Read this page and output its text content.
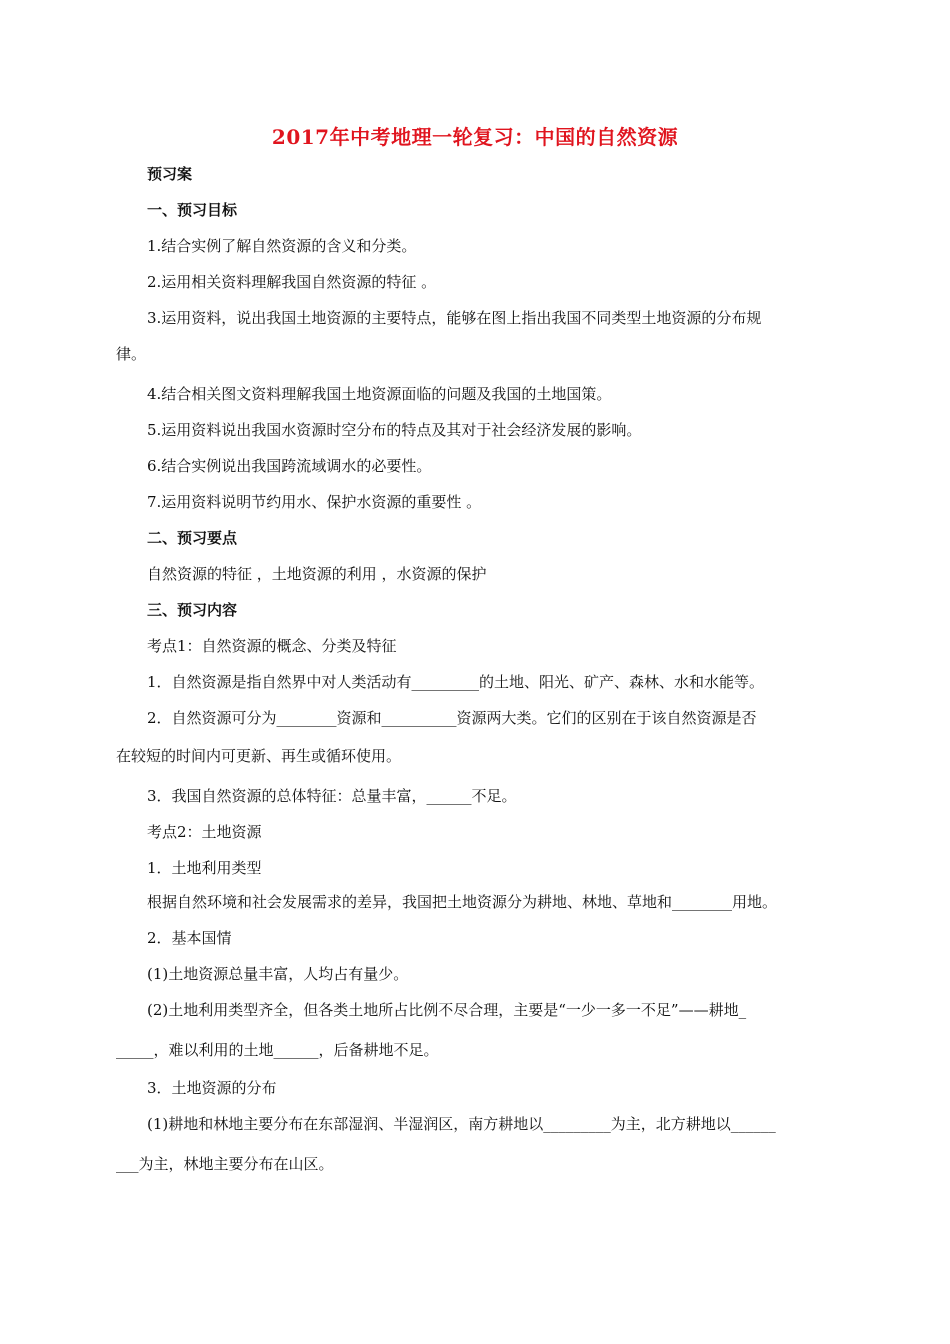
2017年中考地理一轮复习：中国的自然资源
预习案
一、预习目标
1.结合实例了解自然资源的含义和分类。
2.运用相关资料理解我国自然资源的特征 。
3.运用资料，说出我国土地资源的主要特点，能够在图上指出我国不同类型土地资源的分布规
律。
4.结合相关图文资料理解我国土地资源面临的问题及我国的土地国策。
5.运用资料说出我国水资源时空分布的特点及其对于社会经济发展的影响。
6.结合实例说出我国跨流域调水的必要性。
7.运用资料说明节约用水、保护水资源的重要性 。
二、预习要点
自然资源的特征 ，土地资源的利用 ，水资源的保护
三、预习内容
考点1：自然资源的概念、分类及特征
1．自然资源是指自然界中对人类活动有_________的土地、阳光、矿产、森林、水和水能等。
2．自然资源可分为________资源和__________资源两大类。它们的区别在于该自然资源是否
在较短的时间内可更新、再生或循环使用。
3．我国自然资源的总体特征：总量丰富，______不足。
考点2：土地资源
1．土地利用类型
根据自然环境和社会发展需求的差异，我国把土地资源分为耕地、林地、草地和________用地。
2．基本国情
(1)土地资源总量丰富，人均占有量少。
(2)土地利用类型齐全，但各类土地所占比例不尽合理，主要是“一少一多一不足”——耕地_
_____，难以利用的土地______，后备耕地不足。
3．土地资源的分布
(1)耕地和林地主要分布在东部湿润、半湿润区，南方耕地以_________为主，北方耕地以______
___为主，林地主要分布在山区。
